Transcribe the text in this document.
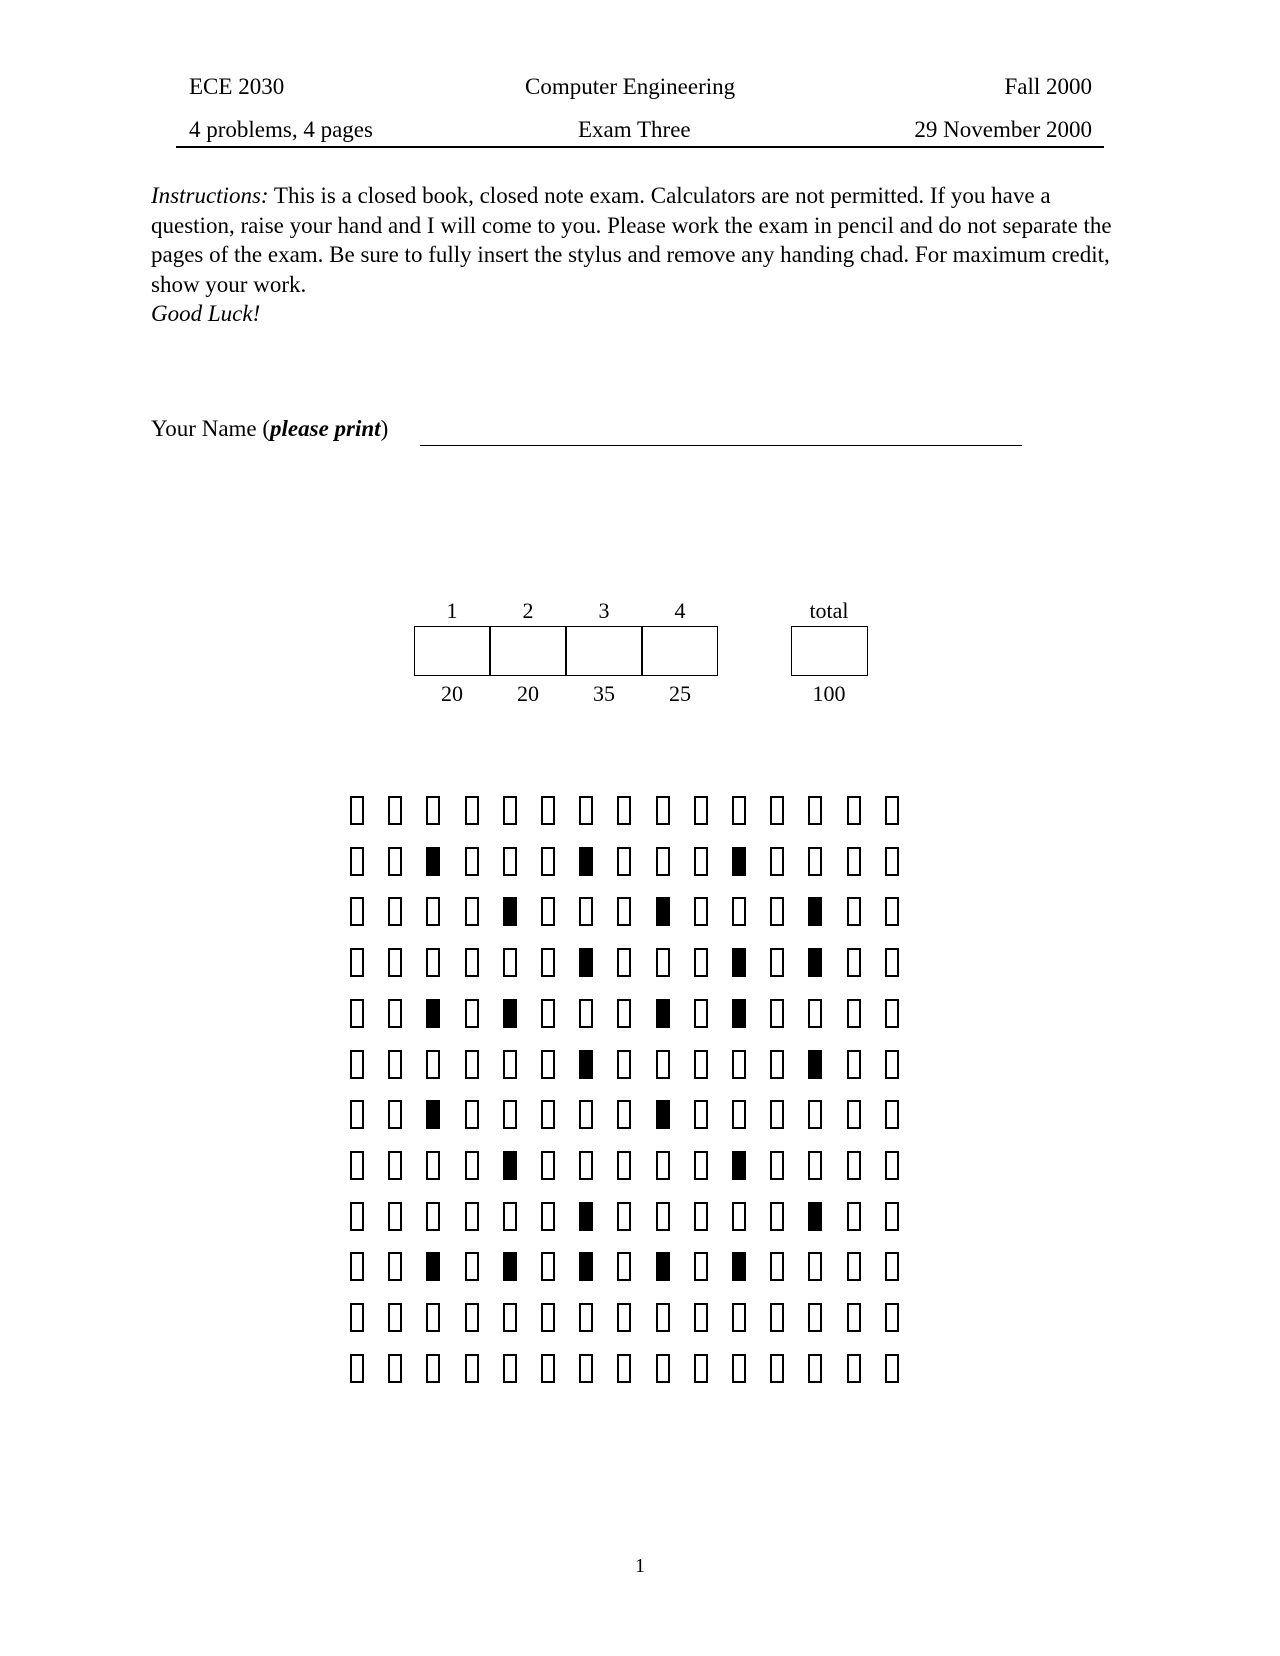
ECE 2030	Computer Engineering	Fall 2000
4 problems, 4 pages	Exam Three	29 November 2000
Instructions: This is a closed book, closed note exam. Calculators are not permitted. If you have a question, raise your hand and I will come to you. Please work the exam in pencil and do not separate the pages of the exam. Be sure to fully insert the stylus and remove any handing chad. For maximum credit, show your work.
Good Luck!
Your Name (please print)
1	2	3	4	total
20	20	35	25	100
1
